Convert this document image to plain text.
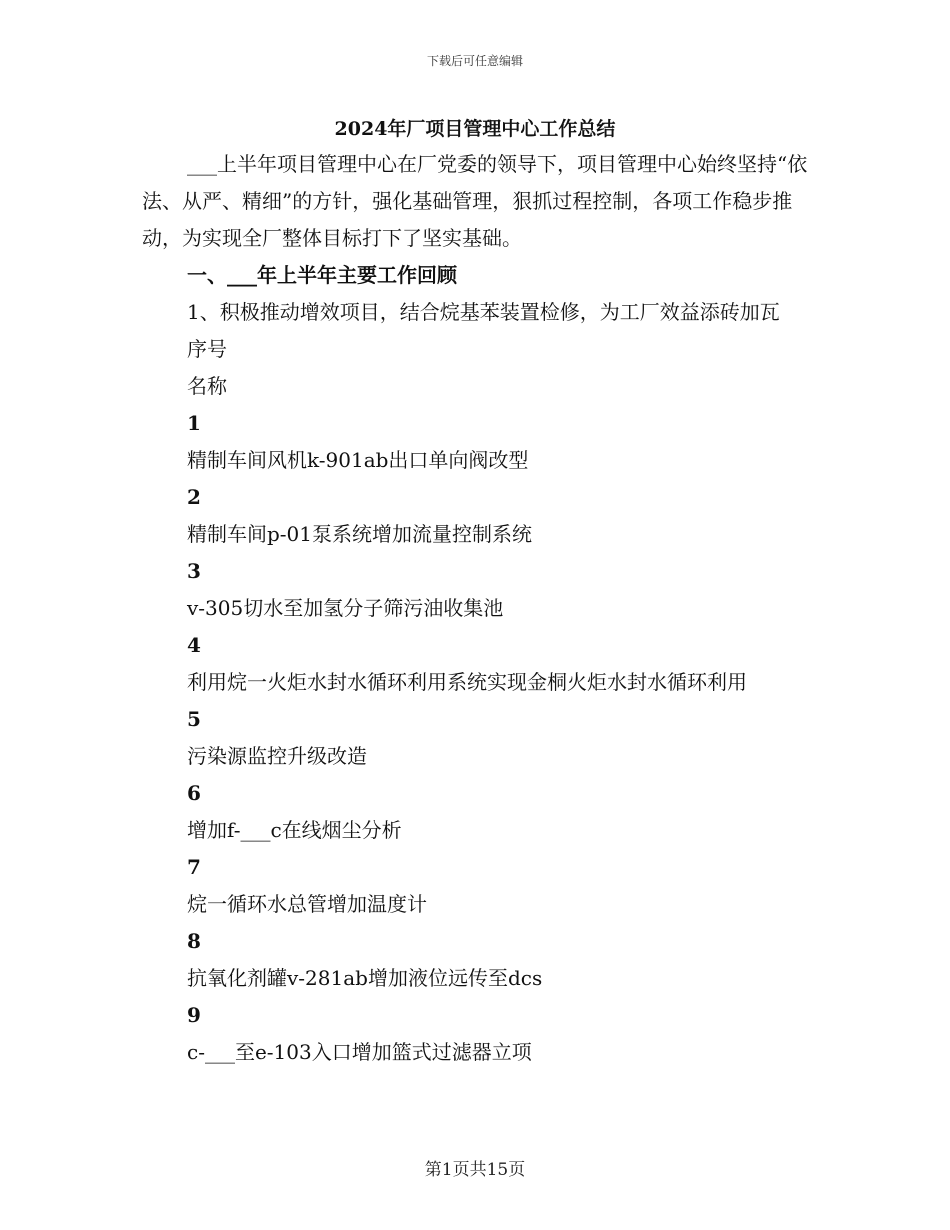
下载后可任意编辑
2024年厂项目管理中心工作总结

___上半年项目管理中心在厂党委的领导下，项目管理中心始终坚持“依法、从严、精细”的方针，强化基础管理，狠抓过程控制，各项工作稳步推动，为实现全厂整体目标打下了坚实基础。

一、___年上半年主要工作回顾

1、积极推动增效项目，结合烷基苯装置检修，为工厂效益添砖加瓦

序号
名称
1
精制车间风机k-901ab出口单向阀改型
2
精制车间p-01泵系统增加流量控制系统
3
v-305切水至加氢分子筛污油收集池
4
利用烷一火炬水封水循环利用系统实现金桐火炬水封水循环利用
5
污染源监控升级改造
6
增加f-___c在线烟尘分析
7
烷一循环水总管增加温度计
8
抗氧化剂罐v-281ab增加液位远传至dcs
9
c-___至e-103入口增加篮式过滤器立项
第1页共15页
